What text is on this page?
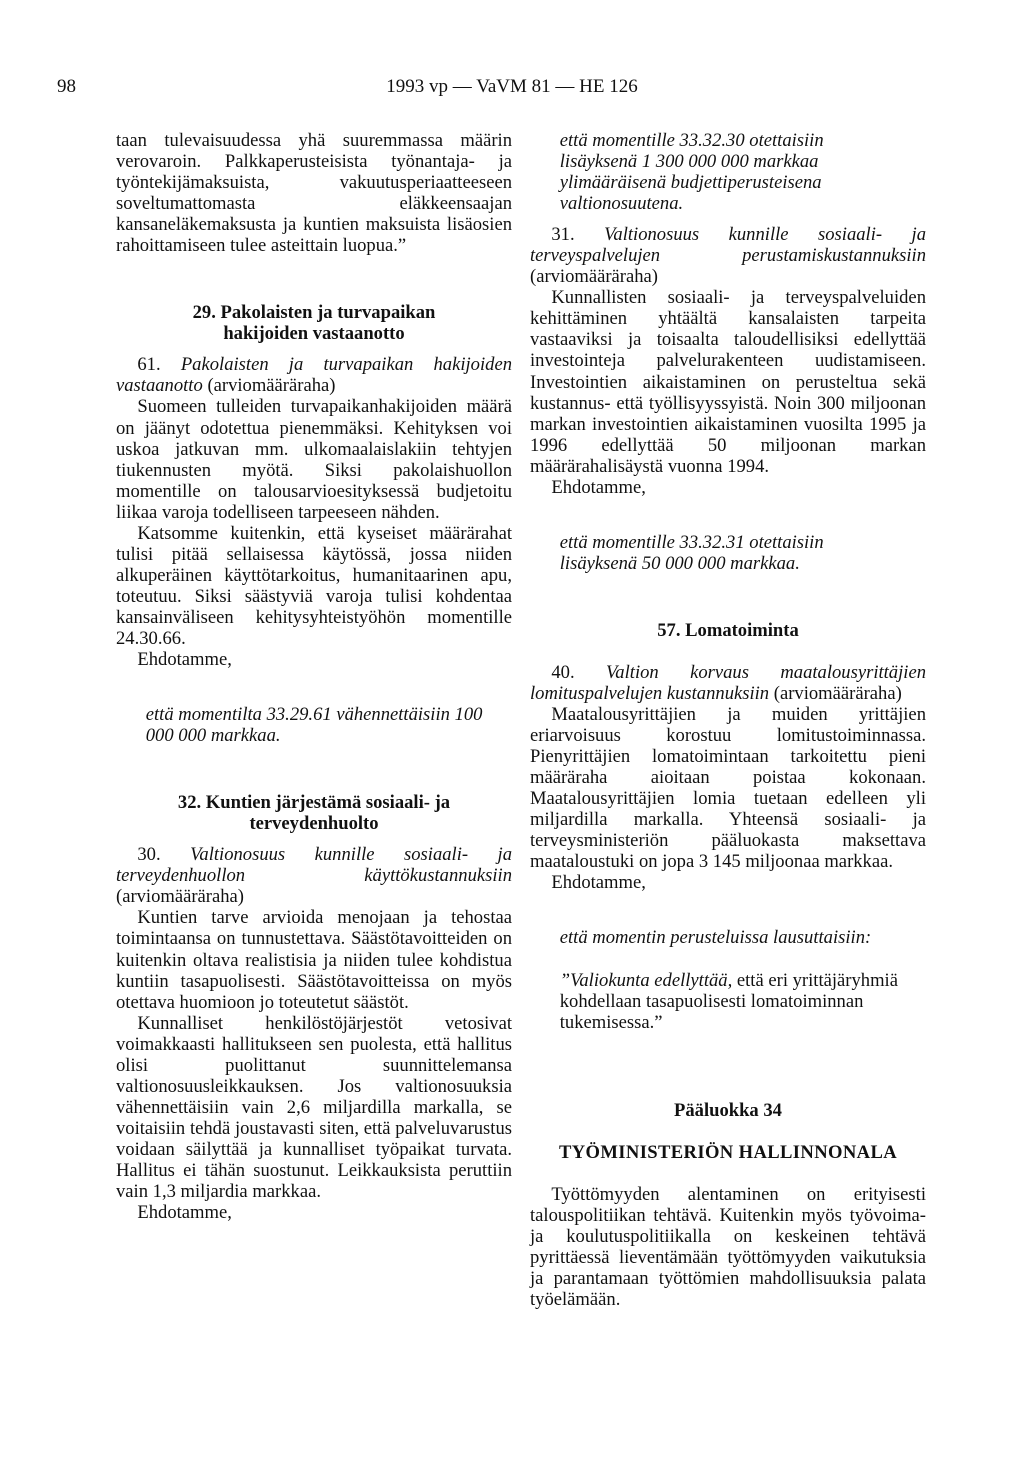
98	1993 vp — VaVM 81 — HE 126

taan tulevaisuudessa yhä suuremmassa määrin verovaroin. Palkkaperusteisista työnantaja- ja työntekijämaksuista, vakuutusperiaatteeseen soveltumattomasta eläkkeensaajan kansaneläkemaksusta ja kuntien maksuista lisäosien rahoittamiseen tulee asteittain luopua.”

29. Pakolaisten ja turvapaikan hakijoiden vastaanotto

61. Pakolaisten ja turvapaikan hakijoiden vastaanotto (arviomääräraha)

Suomeen tulleiden turvapaikanhakijoiden määrä on jäänyt odotettua pienemmäksi. Kehityksen voi uskoa jatkuvan mm. ulkomaalaislakiin tehtyjen tiukennusten myötä. Siksi pakolaishuollon momentille on talousarvioesityksessä budjetoitu liikaa varoja todelliseen tarpeeseen nähden.

Katsomme kuitenkin, että kyseiset määrärahat tulisi pitää sellaisessa käytössä, jossa niiden alkuperäinen käyttötarkoitus, humanitaarinen apu, toteutuu. Siksi säästyviä varoja tulisi kohdentaa kansainväliseen kehitysyhteistyöhön momentille 24.30.66.

Ehdotamme,

että momentilta 33.29.61 vähennettäisiin 100 000 000 markkaa.

32. Kuntien järjestämä sosiaali- ja terveydenhuolto

30. Valtionosuus kunnille sosiaali- ja terveydenhuollon käyttökustannuksiin (arviomääräraha)

Kuntien tarve arvioida menojaan ja tehostaa toimintaansa on tunnustettava. Säästötavoitteiden on kuitenkin oltava realistisia ja niiden tulee kohdistua kuntiin tasapuolisesti. Säästötavoitteissa on myös otettava huomioon jo toteutetut säästöt.

Kunnalliset henkilöstöjärjestöt vetosivat voimakkaasti hallitukseen sen puolesta, että hallitus olisi puolittanut suunnittelemansa valtionosuusleikkauksen. Jos valtionosuuksia vähennettäisiin vain 2,6 miljardilla markalla, se voitaisiin tehdä joustavasti siten, että palveluvarustus voidaan säilyttää ja kunnalliset työpaikat turvata. Hallitus ei tähän suostunut. Leikkauksista peruttiin vain 1,3 miljardia markkaa.

Ehdotamme,

että momentille 33.32.30 otettaisiin lisäyksenä 1 300 000 000 markkaa ylimääräisenä budjettiperusteisena valtionosuutena.

31. Valtionosuus kunnille sosiaali- ja terveyspalvelujen perustamiskustannuksiin (arviomääräraha)

Kunnallisten sosiaali- ja terveyspalveluiden kehittäminen yhtäältä kansalaisten tarpeita vastaaviksi ja toisaalta taloudellisiksi edellyttää investointeja palvelurakenteen uudistamiseen. Investointien aikaistaminen on perusteltua sekä kustannus- että työllisyyssyistä. Noin 300 miljoonan markan investointien aikaistaminen vuosilta 1995 ja 1996 edellyttää 50 miljoonan markan määrärahalisäystä vuonna 1994.

Ehdotamme,

että momentille 33.32.31 otettaisiin lisäyksenä 50 000 000 markkaa.

57. Lomatoiminta

40. Valtion korvaus maatalousyrittäjien lomituspalvelujen kustannuksiin (arviomääräraha)

Maatalousyrittäjien ja muiden yrittäjien eriarvoisuus korostuu lomitustoiminnassa. Pienyrittäjien lomatoimintaan tarkoitettu pieni määräraha aioitaan poistaa kokonaan. Maatalousyrittäjien lomia tuetaan edelleen yli miljardilla markalla. Yhteensä sosiaali- ja terveysministeriön pääluokasta maksettava maataloustuki on jopa 3 145 miljoonaa markkaa.

Ehdotamme,

että momentin perusteluissa lausuttaisiin:

”Valiokunta edellyttää, että eri yrittäjäryhmiä kohdellaan tasapuolisesti lomatoiminnan tukemisessa.”

Pääluokka 34

TYÖMINISTERIÖN HALLINNONALA

Työttömyyden alentaminen on erityisesti talouspolitiikan tehtävä. Kuitenkin myös työvoima- ja koulutuspolitiikalla on keskeinen tehtävä pyrittäessä lieventämään työttömyyden vaikutuksia ja parantamaan työttömien mahdollisuuksia palata työelämään.
